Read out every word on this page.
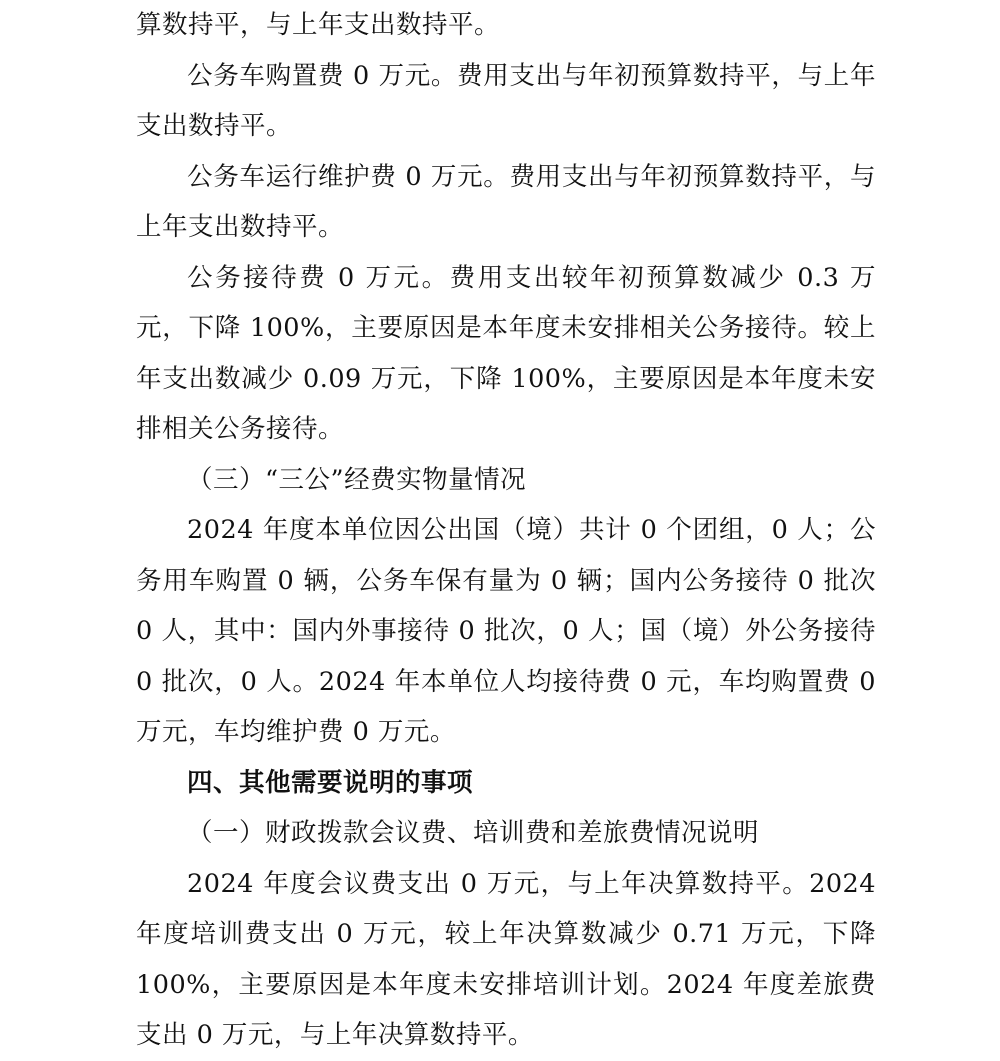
算数持平，与上年支出数持平。

公务车购置费 0 万元。费用支出与年初预算数持平，与上年支出数持平。

公务车运行维护费 0 万元。费用支出与年初预算数持平，与上年支出数持平。

公务接待费 0 万元。费用支出较年初预算数减少 0.3 万元，下降 100%，主要原因是本年度未安排相关公务接待。较上年支出数减少 0.09 万元，下降 100%，主要原因是本年度未安排相关公务接待。

（三）“三公”经费实物量情况

2024 年度本单位因公出国（境）共计 0 个团组，0 人；公务用车购置 0 辆，公务车保有量为 0 辆；国内公务接待 0 批次 0 人，其中：国内外事接待 0 批次，0 人；国（境）外公务接待 0 批次，0 人。2024 年本单位人均接待费 0 元，车均购置费 0 万元，车均维护费 0 万元。

四、其他需要说明的事项

（一）财政拨款会议费、培训费和差旅费情况说明

2024 年度会议费支出 0 万元，与上年决算数持平。2024 年度培训费支出 0 万元，较上年决算数减少 0.71 万元，下降 100%，主要原因是本年度未安排培训计划。2024 年度差旅费支出 0 万元，与上年决算数持平。
